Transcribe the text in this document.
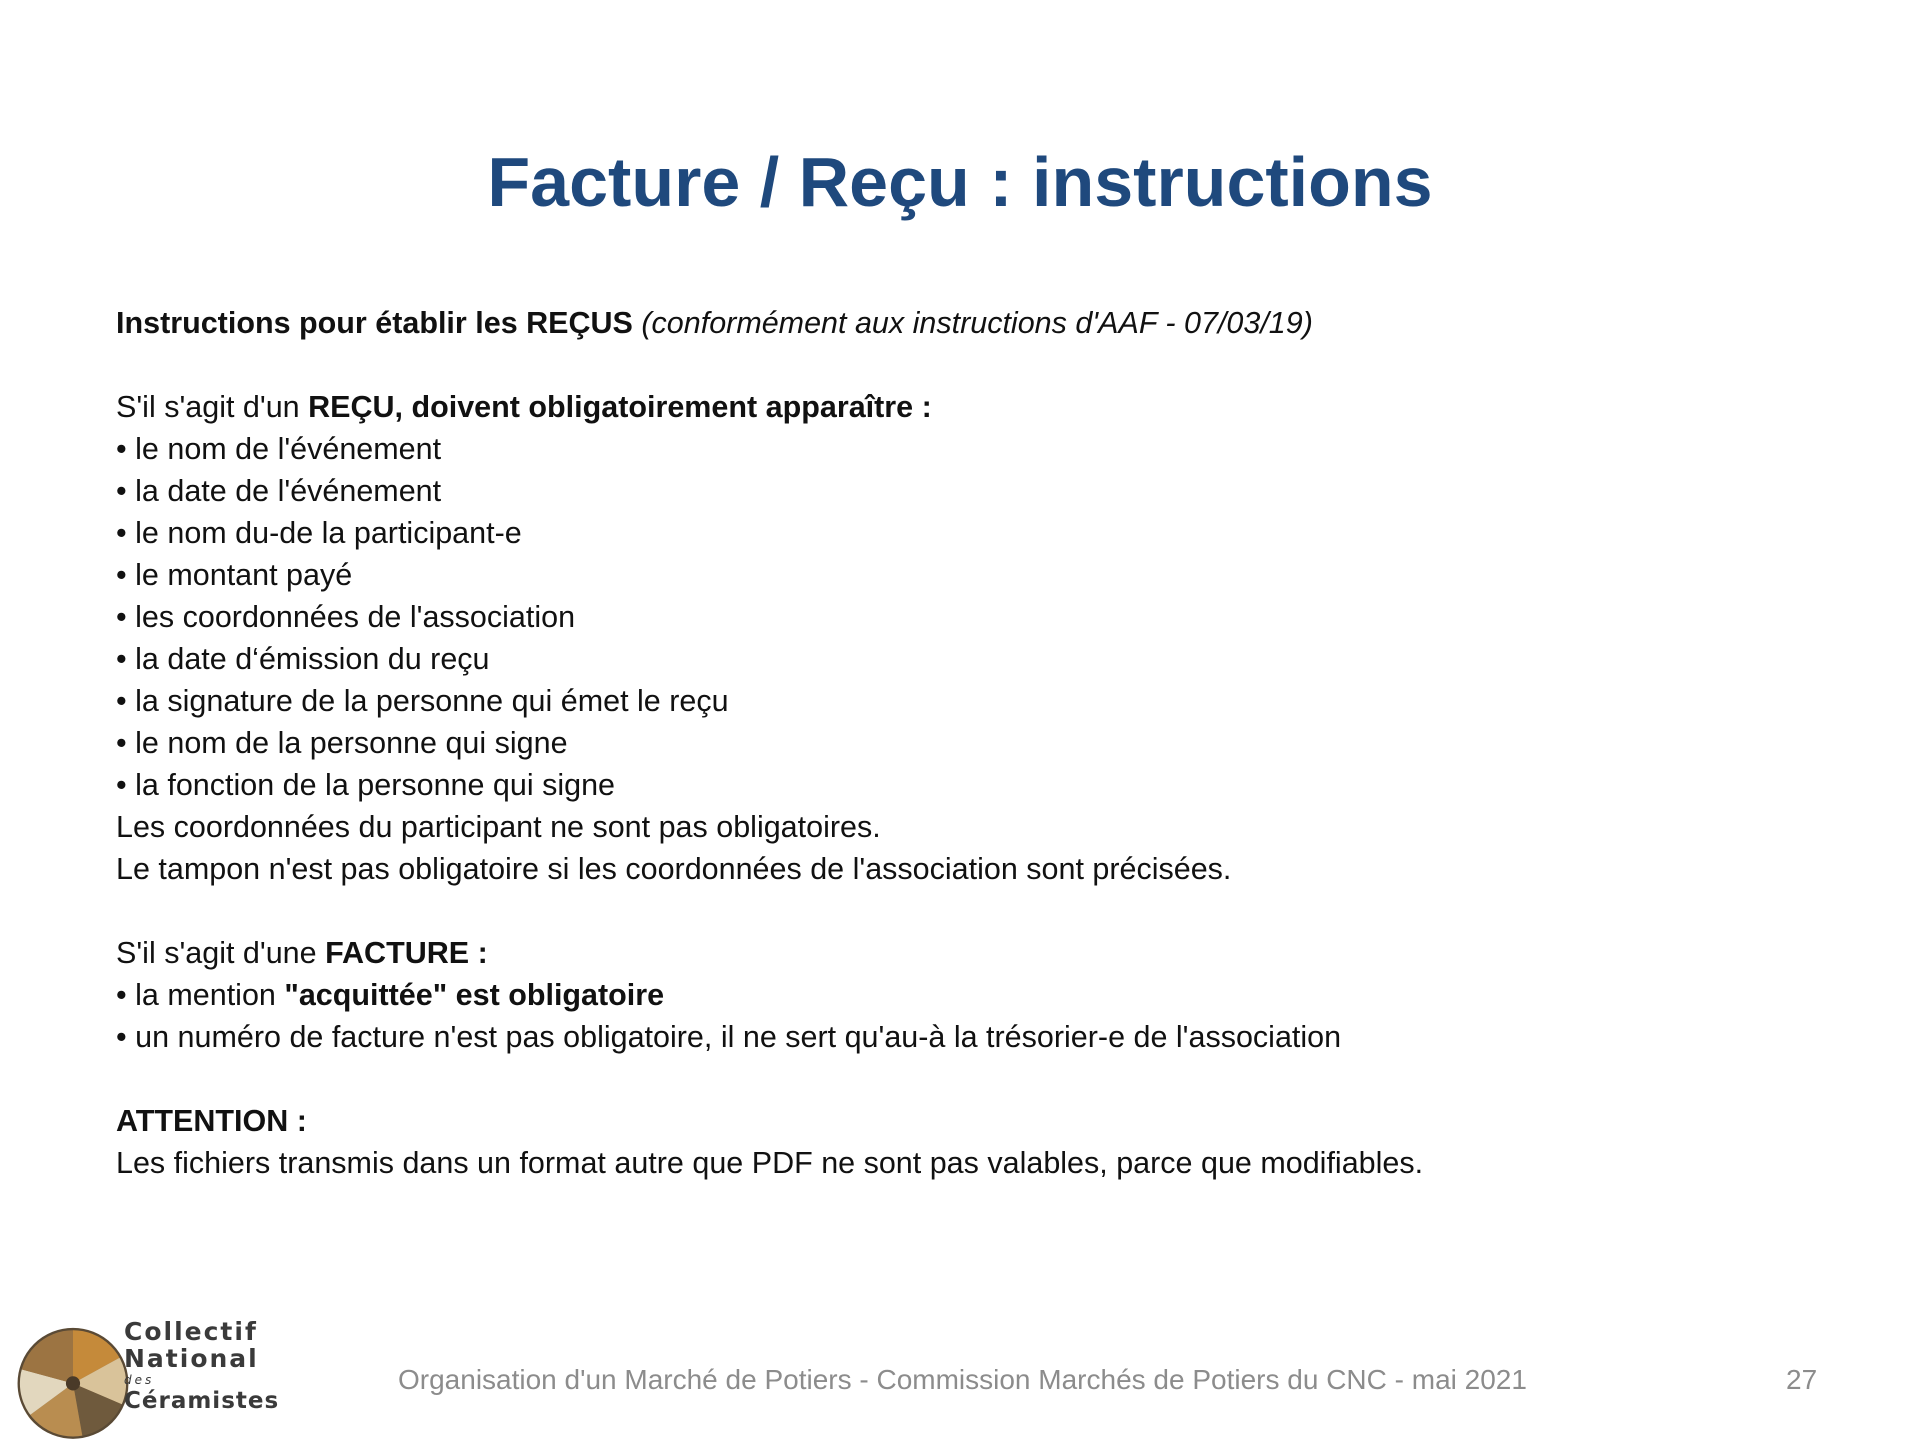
Facture / Reçu : instructions
Instructions pour établir les REÇUS (conformément aux instructions d'AAF - 07/03/19)
S'il s'agit d'un REÇU, doivent obligatoirement apparaître :
• le nom de l'événement
• la date de l'événement
• le nom du-de la participant-e
• le montant payé
• les coordonnées de l'association
• la date d‘émission du reçu
• la signature de la personne qui émet le reçu
• le nom de la personne qui signe
• la fonction de la personne qui signe
Les coordonnées du participant ne sont pas obligatoires.
Le tampon n'est pas obligatoire si les coordonnées de l'association sont précisées.
S'il s'agit d'une FACTURE :
• la mention "acquittée" est obligatoire
• un numéro de facture n'est pas obligatoire, il ne sert qu'au-à la trésorier-e de l'association
ATTENTION :
Les fichiers transmis dans un format autre que PDF ne sont pas valables, parce que modifiables.
Collectif
National
des
Céramistes
Organisation d'un Marché de Potiers - Commission Marchés de Potiers du CNC - mai 2021	27
